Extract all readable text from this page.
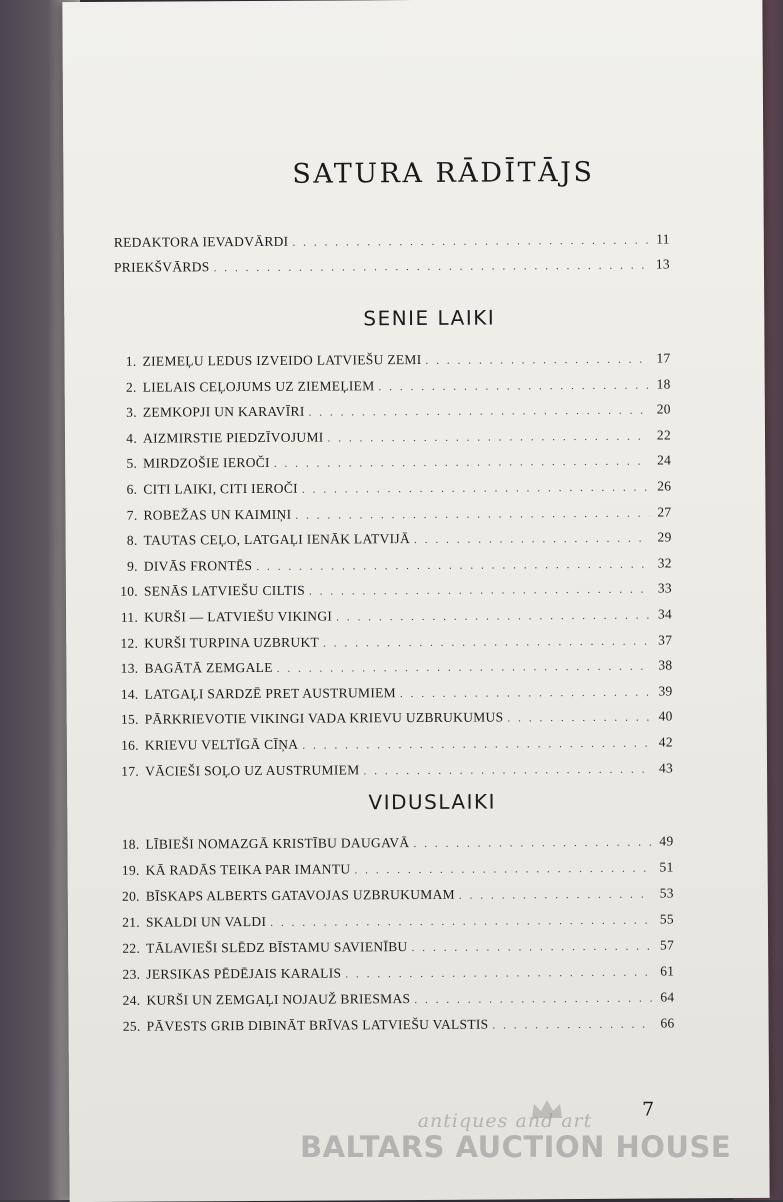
SATURA RĀDĪTĀJS
REDAKTORA IEVADVĀRDI . . .	11
PRIEKŠVĀRDS . . .	13
SENIE LAIKI
1. ZIEMEĻU LEDUS IZVEIDO LATVIEŠU ZEMI . . .	17
2. LIELAIS CEĻOJUMS UZ ZIEMEĻIEM . . .	18
3. ZEMKOPJI UN KARAVĪRI . . .	20
4. AIZMIRSTIE PIEDZĪVOJUMI . . .	22
5. MIRDZOŠIE IEROČI . . .	24
6. CITI LAIKI, CITI IEROČI . . .	26
7. ROBEŽAS UN KAIMIŅI . . .	27
8. TAUTAS CEĻO, LATGAĻI IENĀK LATVIJĀ . . .	29
9. DIVĀS FRONTĒS . . .	32
10. SENĀS LATVIEŠU CILTIS . . .	33
11. KURŠI — LATVIEŠU VIKINGI . . .	34
12. KURŠI TURPINA UZBRUKT . . .	37
13. BAGĀTĀ ZEMGALE . . .	38
14. LATGAĻI SARDZĒ PRET AUSTRUMIEM . . .	39
15. PĀRKRIEVOTIE VIKINGI VADA KRIEVU UZBRUKUMUS . . .	40
16. KRIEVU VELTĪGĀ CĪŅA . . .	42
17. VĀCIEŠI SOĻO UZ AUSTRUMIEM . . .	43
VIDUSLAIKI
18. LĪBIEŠI NOMAZGĀ KRISTĪBU DAUGAVĀ . . .	49
19. KĀ RADĀS TEIKA PAR IMANTU . . .	51
20. BĪSKAPS ALBERTS GATAVOJAS UZBRUKUMAM . . .	53
21. SKALDI UN VALDI . . .	55
22. TĀLAVIEŠI SLĒDZ BĪSTAMU SAVIENĪBU . . .	57
23. JERSIKAS PĒDĒJAIS KARALIS . . .	61
24. KURŠI UN ZEMGAĻI NOJAUŽ BRIESMAS . . .	64
25. PĀVESTS GRIB DIBINĀT BRĪVAS LATVIEŠU VALSTIS . . .	66
7
antiques and art
BALTARS AUCTION HOUSE
